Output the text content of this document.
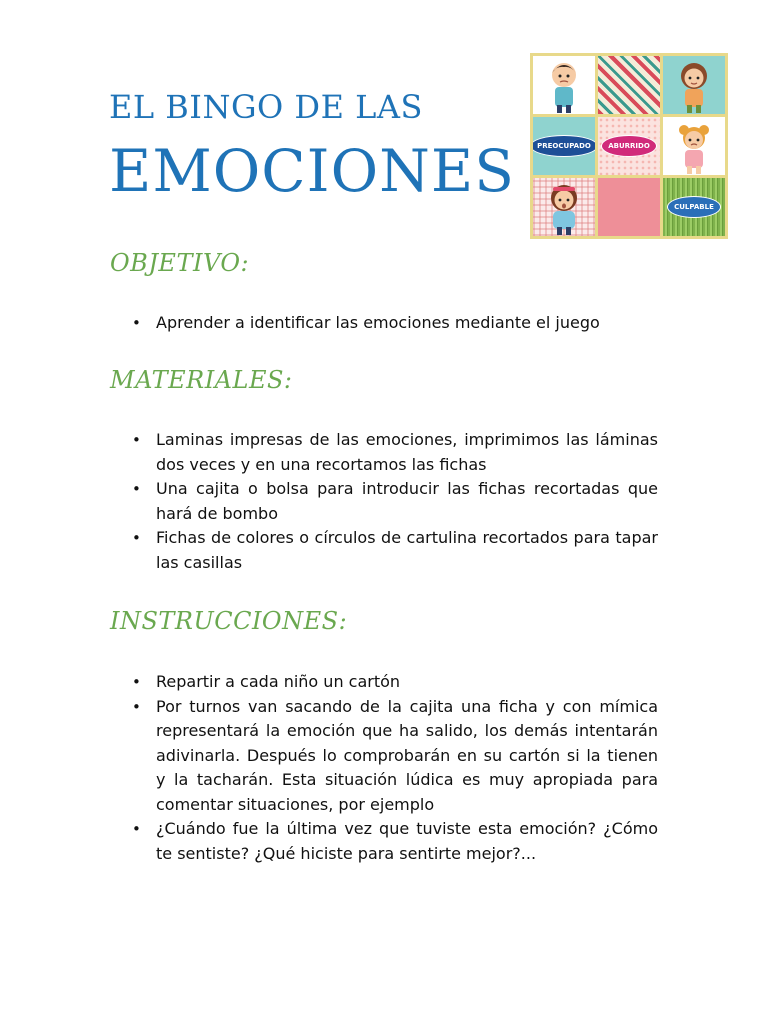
EL BINGO DE LAS
EMOCIONES	PREOCUPADO	ABURRIDO
CULPABLE
OBJETIVO:
• Aprender a identificar las emociones mediante el juego
MATERIALES:
• Laminas impresas de las emociones, imprimimos las láminas dos veces y en una recortamos las fichas
• Una cajita o bolsa para introducir las fichas recortadas que hará de bombo
• Fichas de colores o círculos de cartulina recortados para tapar las casillas
INSTRUCCIONES:
• Repartir a cada niño un cartón
• Por turnos van sacando de la cajita una ficha y con mímica representará la emoción que ha salido, los demás intentarán adivinarla. Después lo comprobarán en su cartón si la tienen y la tacharán. Esta situación lúdica es muy apropiada para comentar situaciones, por ejemplo
• ¿Cuándo fue la última vez que tuviste esta emoción? ¿Cómo te sentiste? ¿Qué hiciste para sentirte mejor?...
